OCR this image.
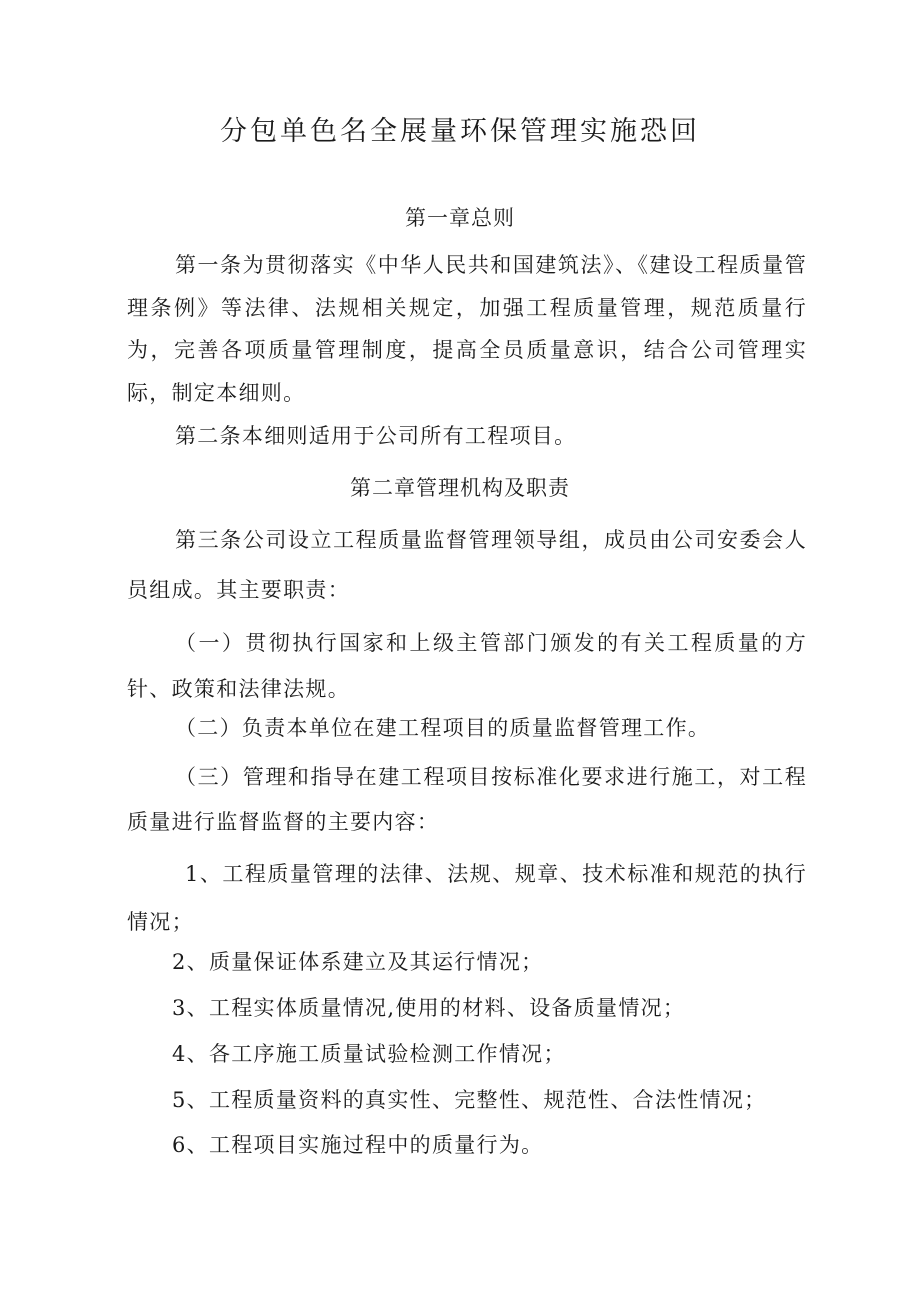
分包单色名全展量环保管理实施恐回

第一章总则

第一条为贯彻落实《中华人民共和国建筑法》、《建设工程质量管理条例》等法律、法规相关规定，加强工程质量管理，规范质量行为，完善各项质量管理制度，提高全员质量意识，结合公司管理实际，制定本细则。

第二条本细则适用于公司所有工程项目。

第二章管理机构及职责

第三条公司设立工程质量监督管理领导组，成员由公司安委会人员组成。其主要职责：

（一）贯彻执行国家和上级主管部门颁发的有关工程质量的方针、政策和法律法规。

（二）负责本单位在建工程项目的质量监督管理工作。

（三）管理和指导在建工程项目按标准化要求进行施工，对工程质量进行监督监督的主要内容：

1、工程质量管理的法律、法规、规章、技术标准和规范的执行情况；

2、质量保证体系建立及其运行情况；

3、工程实体质量情况,使用的材料、设备质量情况；

4、各工序施工质量试验检测工作情况；

5、工程质量资料的真实性、完整性、规范性、合法性情况；

6、工程项目实施过程中的质量行为。
